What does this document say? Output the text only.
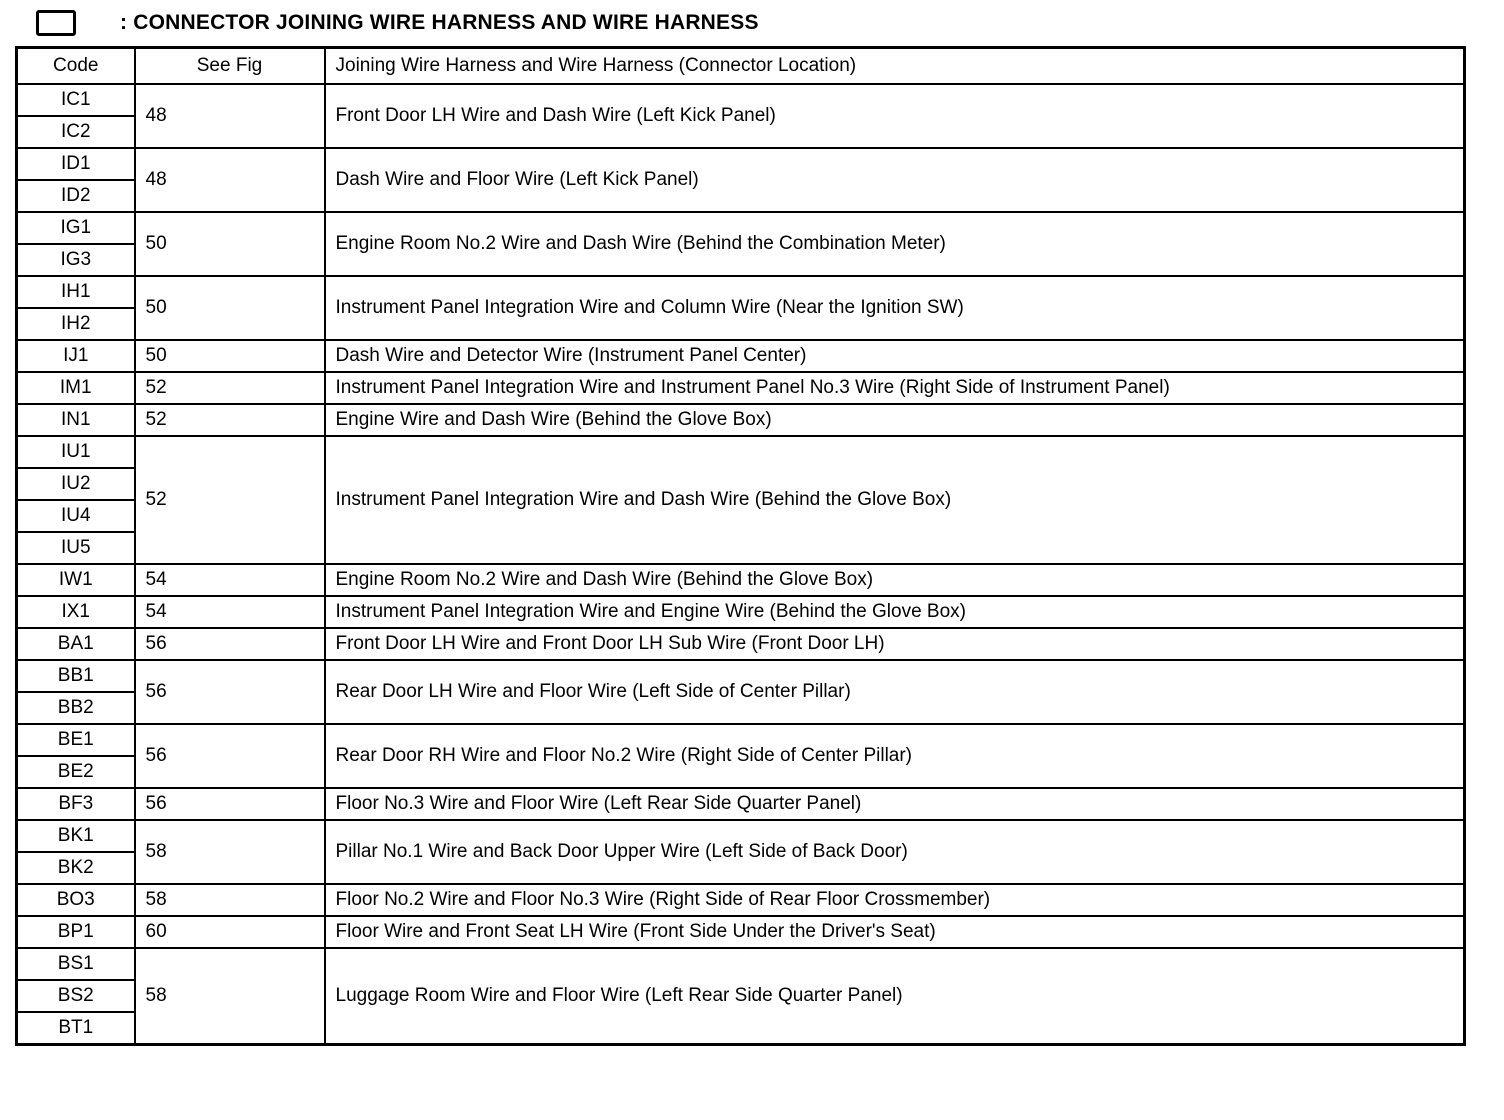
: CONNECTOR JOINING WIRE HARNESS AND WIRE HARNESS
Code	See Fig	Joining Wire Harness and Wire Harness (Connector Location)
IC1	48	Front Door LH Wire and Dash Wire (Left Kick Panel)
IC2		
ID1	48	Dash Wire and Floor Wire (Left Kick Panel)
ID2		
IG1	50	Engine Room No.2 Wire and Dash Wire (Behind the Combination Meter)
IG3		
IH1	50	Instrument Panel Integration Wire and Column Wire (Near the Ignition SW)
IH2		
IJ1	50	Dash Wire and Detector Wire (Instrument Panel Center)
IM1	52	Instrument Panel Integration Wire and Instrument Panel No.3 Wire (Right Side of Instrument Panel)
IN1	52	Engine Wire and Dash Wire (Behind the Glove Box)
IU1	52	Instrument Panel Integration Wire and Dash Wire (Behind the Glove Box)
IU2		
IU4		
IU5		
IW1	54	Engine Room No.2 Wire and Dash Wire (Behind the Glove Box)
IX1	54	Instrument Panel Integration Wire and Engine Wire (Behind the Glove Box)
BA1	56	Front Door LH Wire and Front Door LH Sub Wire (Front Door LH)
BB1	56	Rear Door LH Wire and Floor Wire (Left Side of Center Pillar)
BB2		
BE1	56	Rear Door RH Wire and Floor No.2 Wire (Right Side of Center Pillar)
BE2		
BF3	56	Floor No.3 Wire and Floor Wire (Left Rear Side Quarter Panel)
BK1	58	Pillar No.1 Wire and Back Door Upper Wire (Left Side of Back Door)
BK2		
BO3	58	Floor No.2 Wire and Floor No.3 Wire (Right Side of Rear Floor Crossmember)
BP1	60	Floor Wire and Front Seat LH Wire (Front Side Under the Driver's Seat)
BS1	58	Luggage Room Wire and Floor Wire (Left Rear Side Quarter Panel)
BS2		
BT1		
